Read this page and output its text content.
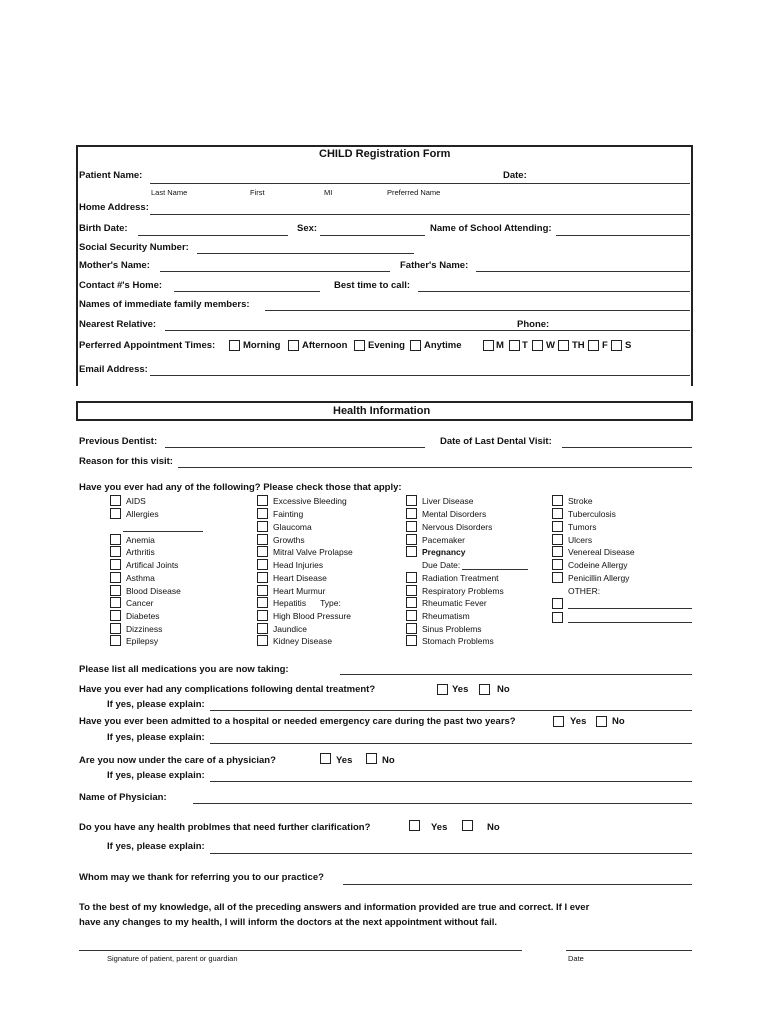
CHILD Registration Form
Patient Name:	Date:
Last Name	First	MI	Preferred Name
Home Address:
Birth Date:	Sex:	Name of School Attending:
Social Security Number:
Mother's Name:	Father's Name:
Contact #'s Home:	Best time to call:
Names of immediate family members:
Nearest Relative:	Phone:
Perferred Appointment Times:	Morning Afternoon Evening Anytime	M T W TH F S
Email Address:
Health Information
Previous Dentist:	Date of Last Dental Visit:
Reason for this visit:
Have you ever had any of the following? Please check those that apply:
AIDS
Allergies
Anemia
Arthritis
Artifical Joints
Asthma
Blood Disease
Cancer
Diabetes
Dizziness
Epilepsy
Excessive Bleeding
Fainting
Glaucoma
Growths
Mitral Valve Prolapse
Head Injuries
Heart Disease
Heart Murmur
Hepatitis      Type:
High Blood Pressure
Jaundice
Kidney Disease
Liver Disease
Mental Disorders
Nervous Disorders
Pacemaker
Pregnancy
Due Date:
Radiation Treatment
Respiratory Problems
Rheumatic Fever
Rheumatism
Sinus Problems
Stomach Problems
Stroke
Tuberculosis
Tumors
Ulcers
Venereal Disease
Codeine Allergy
Penicillin Allergy
OTHER:
Please list all medications you are now taking:
Have you ever had any complications following dental treatment?	Yes	No
If yes, please explain:
Have you ever been admitted to a hospital or needed emergency care during the past two years?	Yes	No
If yes, please explain:
Are you now under the care of a physician?	Yes	No
If yes, please explain:
Name of Physician:
Do you have any health problmes that need further clarification?	Yes	No
If yes, please explain:
Whom may we thank for referring you to our practice?
To the best of my knowledge, all of the preceding answers and information provided are true and correct. If I ever
have any changes to my health, I will inform the doctors at the next appointment without fail.
Signature of patient, parent or guardian	Date
